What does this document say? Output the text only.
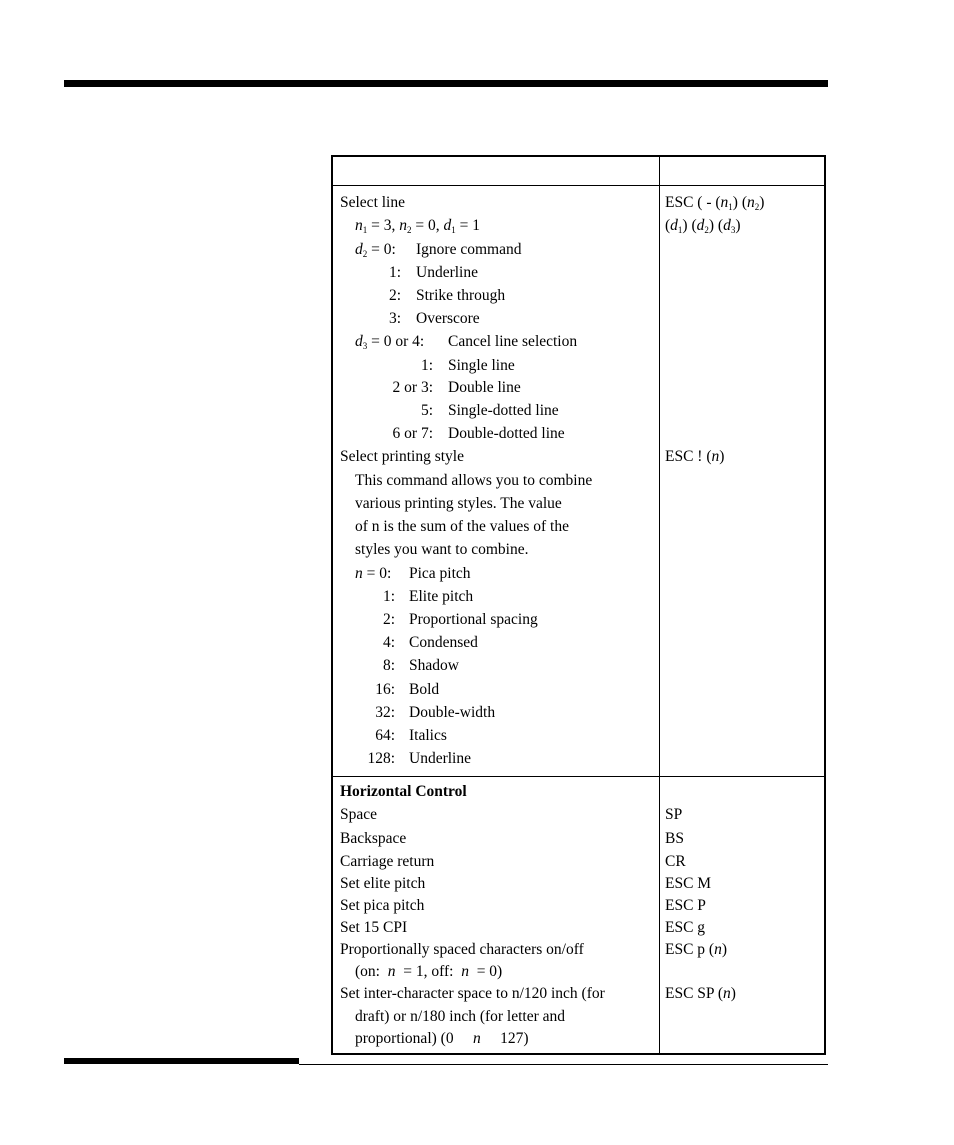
Select line	ESC ( - $(n_1)$ $(n_2)$
$(d_1)$ $(d_2)$ $(d_3)$
$n_1 = 3$, $n_2 = 0$, $d_1 = 1$
$d_2 = 0$: Ignore command
1: Underline
2: Strike through
3: Overscore
$d_3 = 0$ or 4: Cancel line selection
1: Single line
2 or 3: Double line
5: Single-dotted line
6 or 7: Double-dotted line
Select printing style	ESC ! (n)
This command allows you to combine
various printing styles. The value
of n is the sum of the values of the
styles you want to combine.
n = 0: Pica pitch
1: Elite pitch
2: Proportional spacing
4: Condensed
8: Shadow
16: Bold
32: Double-width
64: Italics
128: Underline
Horizontal Control
Space	SP
Backspace	BS
Carriage return	CR
Set elite pitch	ESC M
Set pica pitch	ESC P
Set 15 CPI	ESC g
Proportionally spaced characters on/off	ESC p (n)
(on:  n  = 1, off:  n  = 0)
Set inter-character space to n/120 inch (for	ESC SP (n)
draft) or n/180 inch (for letter and
proportional) (0     n     127)
